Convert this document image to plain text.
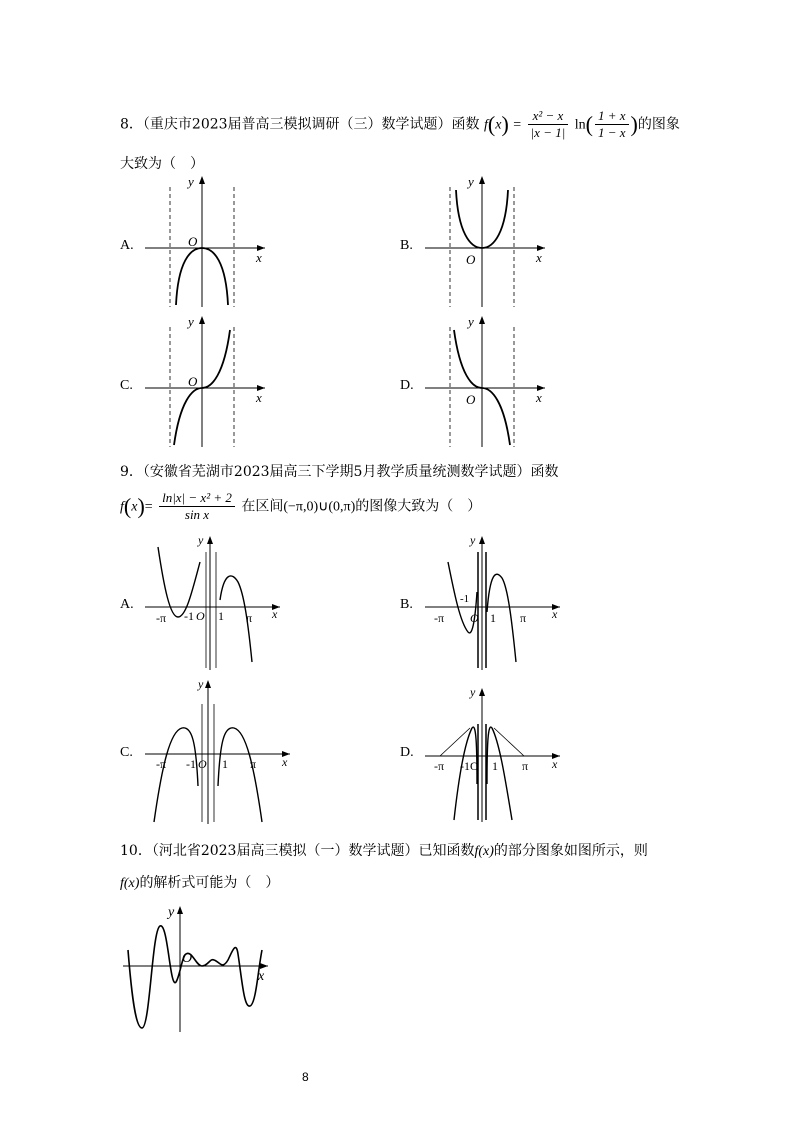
8．（重庆市2023届普高三模拟调研（三）数学试题）函数 $f(x) = \frac{\text{x² − x}}{|x - 1|} \ln( \frac{1 + x}{1 - x}$ )的图象
大致为（　）
A.	B.
C.	D.
y
x
O
y
x
O
y
x
O
y
x
O
9．（安徽省芜湖市2023届高三下学期5月教学质量统测数学试题）函数
$f(x)= \frac{\text{ln|x| − x² + 2}}{\text{sin x}}$ 在区间(−π,0)∪(0,π)的图像大致为（　）
A.	B.
C.	D.
y
x
-π -1 O 1 π
y
x
-1
-π O 1 π
y
x
-π -1 O 1 π
y
x
-π -1O 1 π
10．（河北省2023届高三模拟（一）数学试题）已知函数f(x)的部分图象如图所示，则
f(x)的解析式可能为（　）
y
x
O
8
